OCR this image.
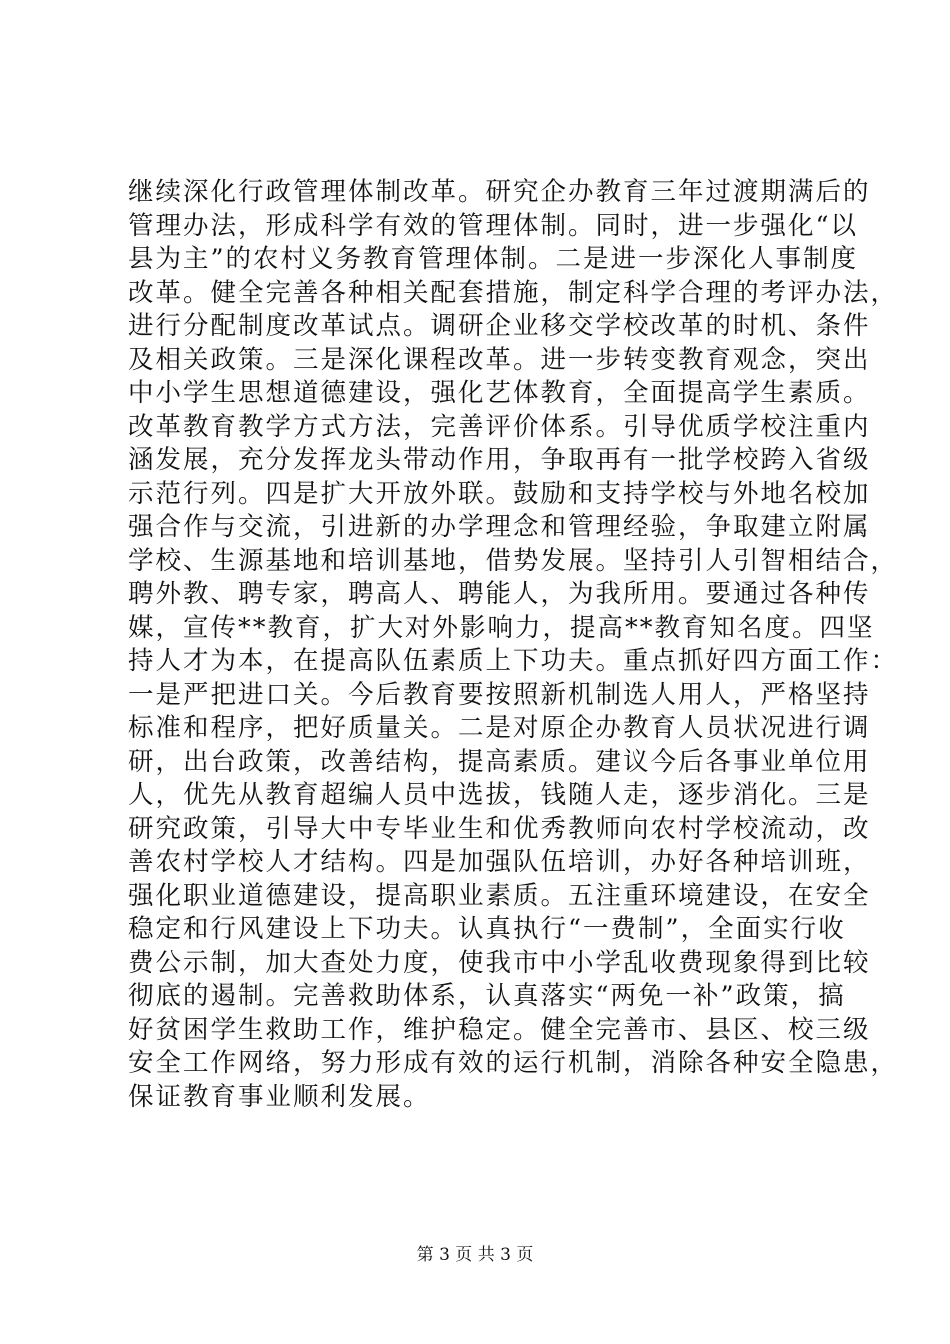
继续深化行政管理体制改革。研究企办教育三年过渡期满后的
管理办法，形成科学有效的管理体制。同时，进一步强化“以
县为主”的农村义务教育管理体制。二是进一步深化人事制度
改革。健全完善各种相关配套措施，制定科学合理的考评办法，
进行分配制度改革试点。调研企业移交学校改革的时机、条件
及相关政策。三是深化课程改革。进一步转变教育观念，突出
中小学生思想道德建设，强化艺体教育，全面提高学生素质。
改革教育教学方式方法，完善评价体系。引导优质学校注重内
涵发展，充分发挥龙头带动作用，争取再有一批学校跨入省级
示范行列。四是扩大开放外联。鼓励和支持学校与外地名校加
强合作与交流，引进新的办学理念和管理经验，争取建立附属
学校、生源基地和培训基地，借势发展。坚持引人引智相结合，
聘外教、聘专家，聘高人、聘能人，为我所用。要通过各种传
媒，宣传**教育，扩大对外影响力，提高**教育知名度。四坚
持人才为本，在提高队伍素质上下功夫。重点抓好四方面工作：
一是严把进口关。今后教育要按照新机制选人用人，严格坚持
标准和程序，把好质量关。二是对原企办教育人员状况进行调
研，出台政策，改善结构，提高素质。建议今后各事业单位用
人，优先从教育超编人员中选拔，钱随人走，逐步消化。三是
研究政策，引导大中专毕业生和优秀教师向农村学校流动，改
善农村学校人才结构。四是加强队伍培训，办好各种培训班，
强化职业道德建设，提高职业素质。五注重环境建设，在安全
稳定和行风建设上下功夫。认真执行“一费制”，全面实行收
费公示制，加大查处力度，使我市中小学乱收费现象得到比较
彻底的遏制。完善救助体系，认真落实“两免一补”政策，搞
好贫困学生救助工作，维护稳定。健全完善市、县区、校三级
安全工作网络，努力形成有效的运行机制，消除各种安全隐患，
保证教育事业顺利发展。

第 3 页 共 3 页
